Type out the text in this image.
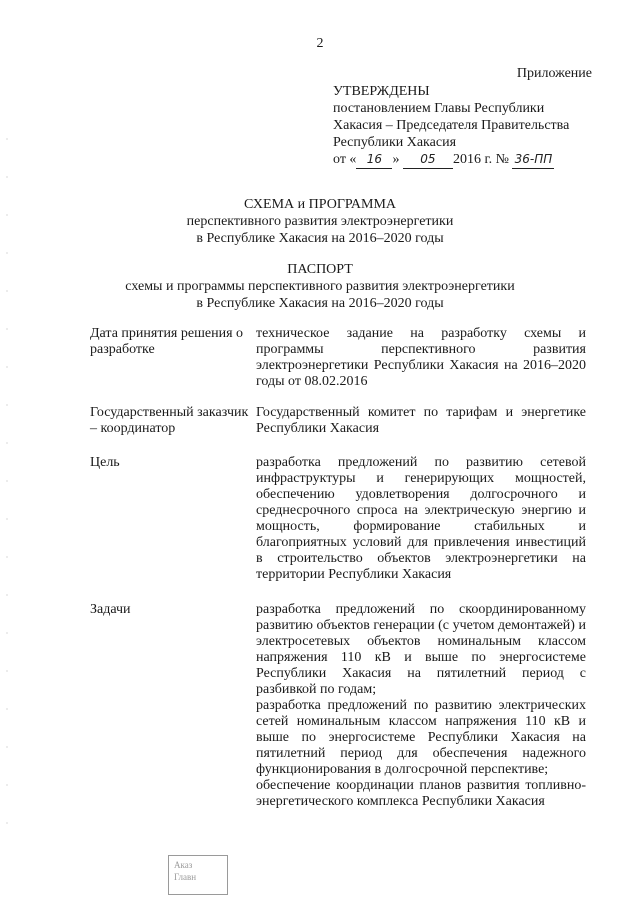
2
Приложение
УТВЕРЖДЕНЫ
постановлением Главы Республики
Хакасия – Председателя Правительства
Республики Хакасия
от « 16 » 05 2016 г. № 36-ПП
СХЕМА и ПРОГРАММА
перспективного развития электроэнергетики
в Республике Хакасия на 2016–2020 годы
ПАСПОРТ
схемы и программы перспективного развития электроэнергетики
в Республике Хакасия на 2016–2020 годы
Дата принятия решения о разработке

техническое задание на разработку схемы и программы перспективного развития электроэнергетики Республики Хакасия на 2016–2020 годы от 08.02.2016

Государственный заказчик – координатор

Государственный комитет по тарифам и энергетике Республики Хакасия

Цель	разработка предложений по развитию сетевой инфраструктуры и генерирующих мощностей, обеспечению удовлетворения долгосрочного и среднесрочного спроса на электрическую энергию и мощность, формирование стабильных и благоприятных условий для привлечения инвестиций в строительство объектов электроэнергетики на территории Республики Хакасия

Задачи	разработка предложений по скоординированному развитию объектов генерации (с учетом демонтажей) и электросетевых объектов номинальным классом напряжения 110 кВ и выше по энергосистеме Республики Хакасия на пятилетний период с разбивкой по годам;

разработка предложений по развитию электрических сетей номинальным классом напряжения 110 кВ и выше по энергосистеме Республики Хакасия на пятилетний период для обеспечения надежного функционирования в долгосрочной перспективе;

обеспечение координации планов развития топливно-энергетического комплекса Республики Хакасия

Аказ
Главн
